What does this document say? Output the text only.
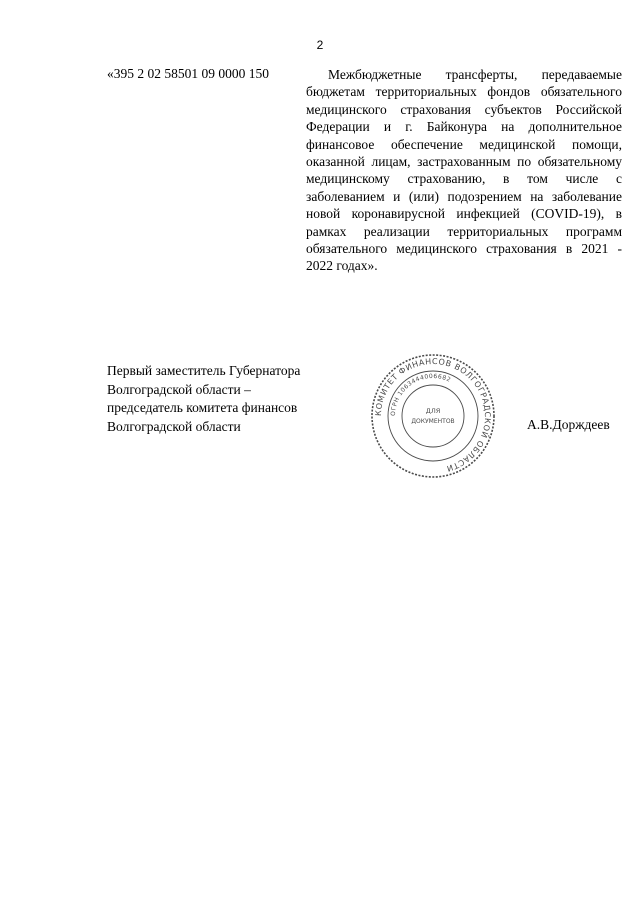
2
«395 2 02 58501 09 0000 150	Межбюджетные трансферты, передаваемые бюджетам территориальных фондов обязательного медицинского страхования субъектов Российской Федерации и г. Байконура на дополнительное финансовое обеспечение медицинской помощи, оказанной лицам, застрахованным по обязательному медицинскому страхованию, в том числе с заболеванием и (или) подозрением на заболевание новой коронавирусной инфекцией (COVID-19), в рамках реализации территориальных программ обязательного медицинского страхования в 2021 - 2022 годах».
Первый заместитель Губернатора
Волгоградской области –
председатель комитета финансов
Волгоградской области	А.В.Дорждеев
КОМИТЕТ ФИНАНСОВ ВОЛГОГРАДСКОЙ ОБЛАСТИ
ОГРН 1063444006682
ДЛЯ
ДОКУМЕНТОВ
